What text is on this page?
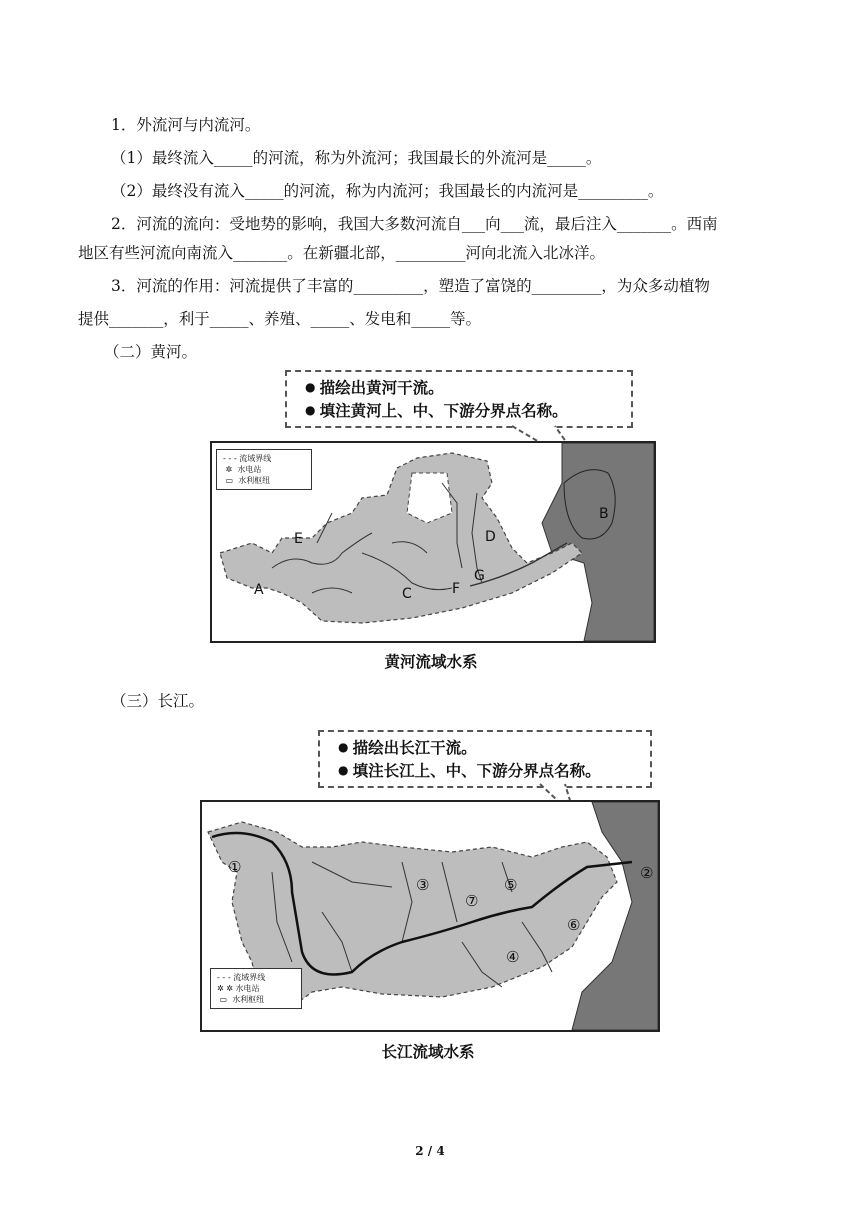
1．外流河与内流河。
（1）最终流入_____的河流，称为外流河；我国最长的外流河是_____。
（2）最终没有流入_____的河流，称为内流河；我国最长的内流河是_________。
2．河流的流向：受地势的影响，我国大多数河流自___向___流，最后注入_______。西南
地区有些河流向南流入_______。在新疆北部，_________河向北流入北冰洋。
3．河流的作用：河流提供了丰富的_________，塑造了富饶的_________，为众多动植物
提供_______，利于_____、养殖、_____、发电和_____等。
（二）黄河。
● 描绘出黄河干流。
● 填注黄河上、中、下游分界点名称。
A
B
C
D
E
F
G
- - - 流域界线
✲  水电站
▭  水利枢纽
黄河流域水系
（三）长江。
● 描绘出长江干流。
● 填注长江上、中、下游分界点名称。
①	②
③
④
⑤
⑥
⑦
- - - 流域界线
✲ ✲ 水电站
▭  水利枢纽
长江流域水系
2 / 4
